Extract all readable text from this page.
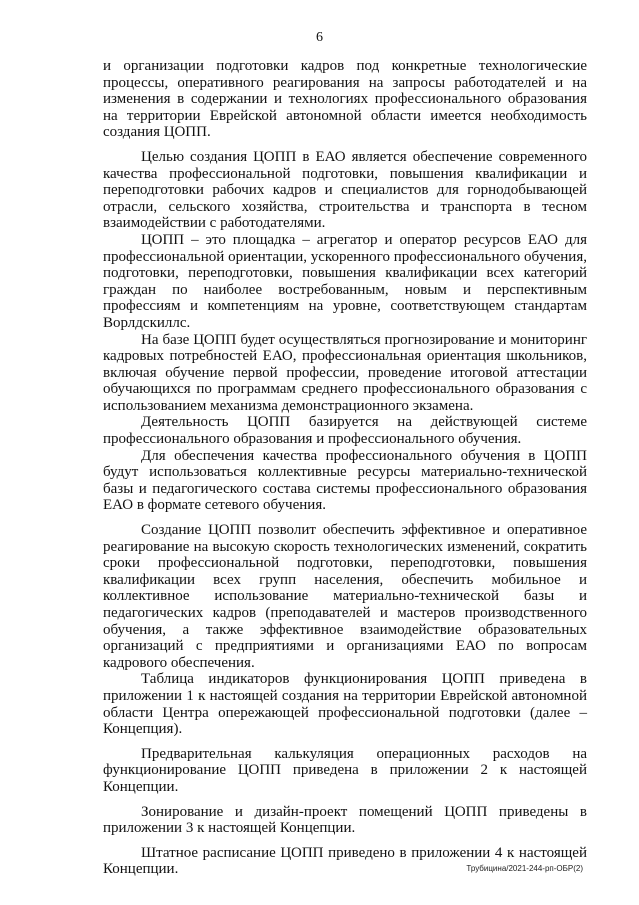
6

и организации подготовки кадров под конкретные технологические процессы, оперативного реагирования на запросы работодателей и на изменения в содержании и технологиях профессионального образования на территории Еврейской автономной области имеется необходимость создания ЦОПП.

Целью создания ЦОПП в ЕАО является обеспечение современного качества профессиональной подготовки, повышения квалификации и переподготовки рабочих кадров и специалистов для горнодобывающей отрасли, сельского хозяйства, строительства и транспорта в тесном взаимодействии с работодателями.

ЦОПП – это площадка – агрегатор и оператор ресурсов ЕАО для профессиональной ориентации, ускоренного профессионального обучения, подготовки, переподготовки, повышения квалификации всех категорий граждан по наиболее востребованным, новым и перспективным профессиям и компетенциям на уровне, соответствующем стандартам Ворлдскиллс.

На базе ЦОПП будет осуществляться прогнозирование и мониторинг кадровых потребностей ЕАО, профессиональная ориентация школьников, включая обучение первой профессии, проведение итоговой аттестации обучающихся по программам среднего профессионального образования с использованием механизма демонстрационного экзамена.

Деятельность ЦОПП базируется на действующей системе профессионального образования и профессионального обучения.

Для обеспечения качества профессионального обучения в ЦОПП будут использоваться коллективные ресурсы материально-технической базы и педагогического состава системы профессионального образования ЕАО в формате сетевого обучения.

Создание ЦОПП позволит обеспечить эффективное и оперативное реагирование на высокую скорость технологических изменений, сократить сроки профессиональной подготовки, переподготовки, повышения квалификации всех групп населения, обеспечить мобильное и коллективное использование материально-технической базы и педагогических кадров (преподавателей и мастеров производственного обучения, а также эффективное взаимодействие образовательных организаций с предприятиями и организациями ЕАО по вопросам кадрового обеспечения.

Таблица индикаторов функционирования ЦОПП приведена в приложении 1 к настоящей создания на территории Еврейской автономной области Центра опережающей профессиональной подготовки (далее – Концепция).

Предварительная калькуляция операционных расходов на функционирование ЦОПП приведена в приложении 2 к настоящей Концепции.

Зонирование и дизайн-проект помещений ЦОПП приведены в приложении 3 к настоящей Концепции.

Штатное расписание ЦОПП приведено в приложении 4 к настоящей Концепции.	Трубицина/2021-244-рп-ОБР(2)
